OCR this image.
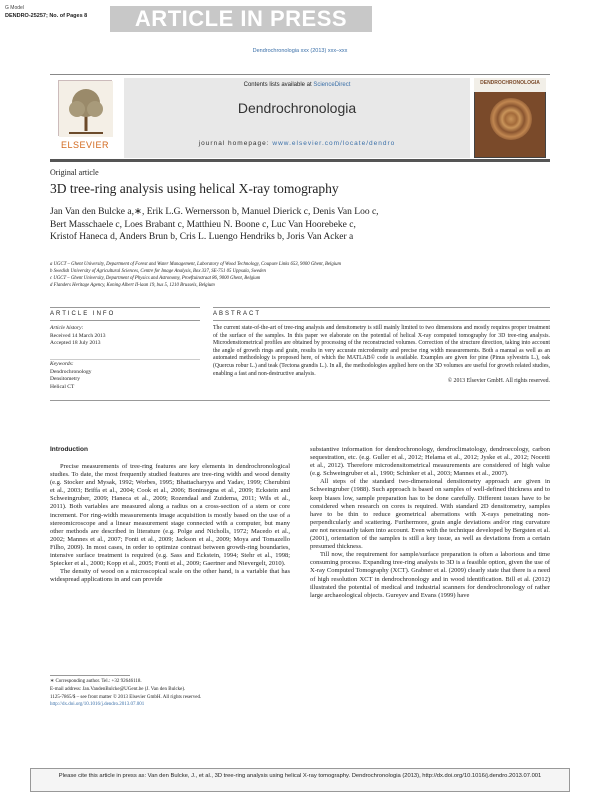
G Model
DENDRO-25257; No. of Pages 8	ARTICLE IN PRESS
Dendrochronologia xxx (2013) xxx–xxx
ELSEVIER
Contents lists available at ScienceDirect
Dendrochronologia
journal homepage: www.elsevier.com/locate/dendro
DENDROCHRONOLOGIA
Original article
3D tree-ring analysis using helical X-ray tomography
Jan Van den Bulcke a,∗, Erik L.G. Wernersson b, Manuel Dierick c, Denis Van Loo c,
Bert Masschaele c, Loes Brabant c, Matthieu N. Boone c, Luc Van Hoorebeke c,
Kristof Haneca d, Anders Brun b, Cris L. Luengo Hendriks b, Joris Van Acker a
a UGCT – Ghent University, Department of Forest and Water Management, Laboratory of Wood Technology, Coupure Links 653, 9000 Ghent, Belgium
b Swedish University of Agricultural Sciences, Centre for Image Analysis, Box 337, SE-751 05 Uppsala, Sweden
c UGCT – Ghent University, Department of Physics and Astronomy, Proeftuinstraat 86, 9000 Ghent, Belgium
d Flanders Heritage Agency, Koning Albert II-laan 19, bus 5, 1210 Brussels, Belgium
ARTICLE INFO	ABSTRACT
Article history:
Received 14 March 2013
Accepted 18 July 2013
Keywords:
Dendrochronology
Densitometry
Helical CT
The current state-of-the-art of tree-ring analysis and densitometry is still mainly limited to two dimensions and mostly requires proper treatment of the surface of the samples. In this paper we elaborate on the potential of helical X-ray computed tomography for 3D tree-ring analysis. Microdensitometrical profiles are obtained by processing of the reconstructed volumes. Correction of the structure direction, taking into account the angle of growth rings and grain, results in very accurate microdensity and precise ring width measurements. Both a manual as well as an automated methodology is proposed here, of which the MATLAB© code is available. Examples are given for pine (Pinus sylvestris L.), oak (Quercus robur L.) and teak (Tectona grandis L.). In all, the methodologies applied here on the 3D volumes are useful for growth related studies, enabling a fast and non-destructive analysis.
© 2013 Elsevier GmbH. All rights reserved.
Introduction

Precise measurements of tree-ring features are key elements in dendrochronological studies. To date, the most frequently studied features are tree-ring width and wood density (e.g. Stocker and Mysak, 1992; Worbes, 1995; Bhattacharyya and Yadav, 1999; Cherubini et al., 2003; Briffa et al., 2004; Cook et al., 2006; Boninsegna et al., 2009; Eckstein and Schweingruber, 2009; Haneca et al., 2009; Rozendaal and Zuidema, 2011; Wils et al., 2011). Both variables are measured along a radius on a cross-section of a stem or core increment. For ring-width measurements image acquisition is mostly based on the use of a stereomicroscope and a linear measurement stage connected with a computer, but many other methods are described in literature (e.g. Polge and Nicholls, 1972; Macedo et al., 2002; Mannes et al., 2007; Fonti et al., 2009; Jackson et al., 2009; Moya and Tomazello Filho, 2009). In most cases, in order to optimize contrast between growth-ring boundaries, intensive surface treatment is required (e.g. Sass and Eckstein, 1994; Stehr et al., 1998; Spiecker et al., 2000; Kopp et al., 2005; Fonti et al., 2009; Gaertner and Nievergelt, 2010).

The density of wood on a microscopical scale on the other hand, is a variable that has widespread applications in and can provide

substantive information for dendrochronology, dendroclimatology, dendroecology, carbon sequestration, etc. (e.g. Guller et al., 2012; Helama et al., 2012; Jyske et al., 2012; Nocetti et al., 2012). Therefore microdensitometrical measurements are considered of high value (e.g. Schweingruber et al., 1990; Schinker et al., 2003; Mannes et al., 2007).

All steps of the standard two-dimensional densitometry approach are given in Schweingruber (1988). Such approach is based on samples of well-defined thickness and to keep biases low, sample preparation has to be done carefully. Different issues have to be considered when research on cores is required. With standard 2D densitometry, samples have to be thin to reduce geometrical aberrations with X-rays penetrating non-perpendicularly and scattering. Furthermore, grain angle deviations and/or ring curvature are not necessarily taken into account. Even with the technique developed by Bergsten et al. (2001), orientation of the samples is still a key issue, as well as deviations from a certain presumed thickness.

Till now, the requirement for sample/surface preparation is often a laborious and time consuming process. Expanding tree-ring analysis to 3D is a feasible option, given the use of X-ray Computed Tomography (XCT). Grabner et al. (2009) clearly state that there is a need of high resolution XCT in dendrochronology and in wood identification. Bill et al. (2012) illustrated the potential of medical and industrial scanners for dendrochronology of rather large archaeological objects. Gureyev and Evans (1999) have

∗ Corresponding author. Tel.: +32 92646118.
E-mail address: Jan.VandenBulcke@UGent.be (J. Van den Bulcke).
1125-7865/$ – see front matter © 2013 Elsevier GmbH. All rights reserved.
http://dx.doi.org/10.1016/j.dendro.2013.07.001
Please cite this article in press as: Van den Bulcke, J., et al., 3D tree-ring analysis using helical X-ray tomography. Dendrochronologia (2013), http://dx.doi.org/10.1016/j.dendro.2013.07.001
